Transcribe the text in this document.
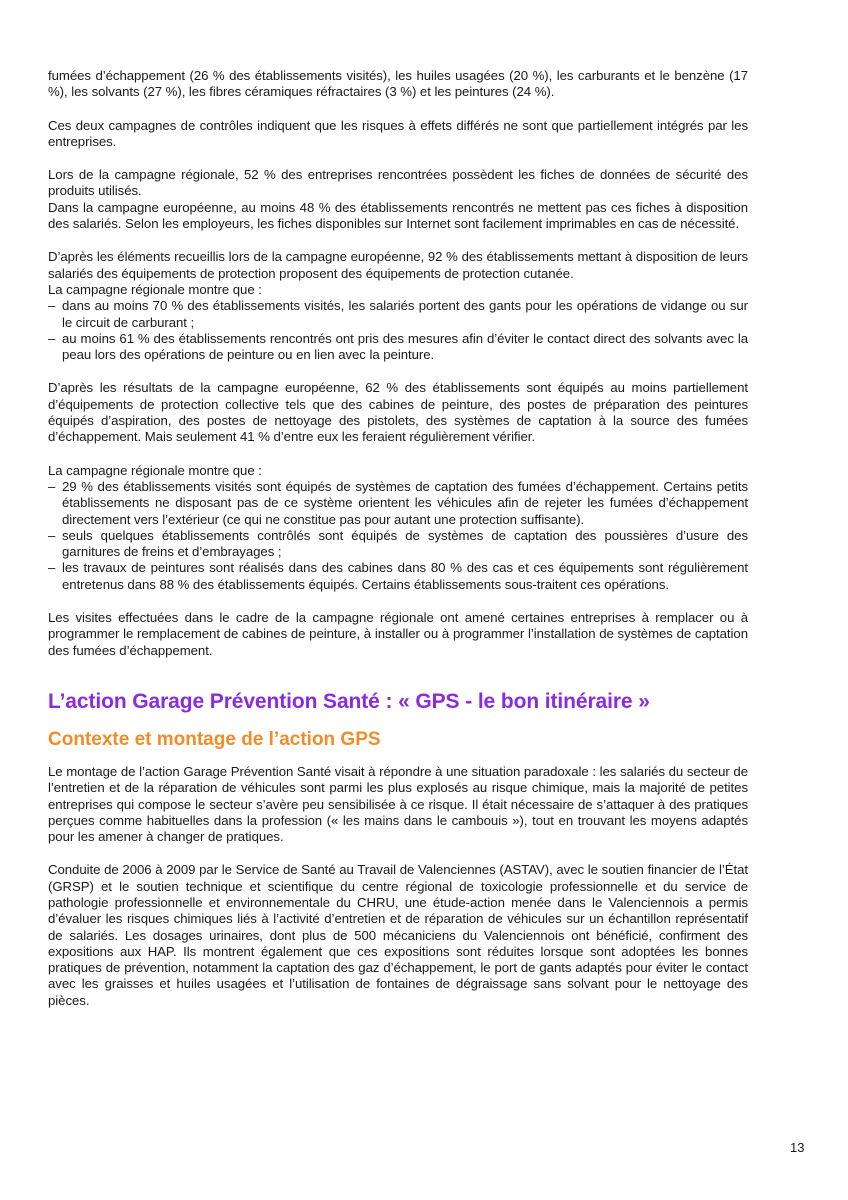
fumées d’échappement (26 % des établissements visités), les huiles usagées (20 %), les carburants et le benzène (17 %), les solvants (27 %), les fibres céramiques réfractaires (3 %) et les peintures (24 %).

Ces deux campagnes de contrôles indiquent que les risques à effets différés ne sont que partiellement intégrés par les entreprises.

Lors de la campagne régionale, 52 % des entreprises rencontrées possèdent les fiches de données de sécurité des produits utilisés.

Dans la campagne européenne, au moins 48 % des établissements rencontrés ne mettent pas ces fiches à disposition des salariés. Selon les employeurs, les fiches disponibles sur Internet sont facilement imprimables en cas de nécessité.

D’après les éléments recueillis lors de la campagne européenne, 92 % des établissements mettant à disposition de leurs salariés des équipements de protection proposent des équipements de protection cutanée.

La campagne régionale montre que :

– dans au moins 70 % des établissements visités, les salariés portent des gants pour les opérations de vidange ou sur le circuit de carburant ;
– au moins 61 % des établissements rencontrés ont pris des mesures afin d’éviter le contact direct des solvants avec la peau lors des opérations de peinture ou en lien avec la peinture.

D’après les résultats de la campagne européenne, 62 % des établissements sont équipés au moins partiellement d’équipements de protection collective tels que des cabines de peinture, des postes de préparation des peintures équipés d’aspiration, des postes de nettoyage des pistolets, des systèmes de captation à la source des fumées d’échappement. Mais seulement 41 % d’entre eux les feraient régulièrement vérifier.

La campagne régionale montre que :

– 29 % des établissements visités sont équipés de systèmes de captation des fumées d’échappement. Certains petits établissements ne disposant pas de ce système orientent les véhicules afin de rejeter les fumées d’échappement directement vers l’extérieur (ce qui ne constitue pas pour autant une protection suffisante).
– seuls quelques établissements contrôlés sont équipés de systèmes de captation des poussières d’usure des garnitures de freins et d’embrayages ;
– les travaux de peintures sont réalisés dans des cabines dans 80 % des cas et ces équipements sont régulièrement entretenus dans 88 % des établissements équipés. Certains établissements sous-traitent ces opérations.

Les visites effectuées dans le cadre de la campagne régionale ont amené certaines entreprises à remplacer ou à programmer le remplacement de cabines de peinture, à installer ou à programmer l’installation de systèmes de captation des fumées d’échappement.

L’action Garage Prévention Santé : « GPS - le bon itinéraire »
Contexte et montage de l’action GPS

Le montage de l’action Garage Prévention Santé visait à répondre à une situation paradoxale : les salariés du secteur de l’entretien et de la réparation de véhicules sont parmi les plus explosés au risque chimique, mais la majorité de petites entreprises qui compose le secteur s’avère peu sensibilisée à ce risque. Il était nécessaire de s’attaquer à des pratiques perçues comme habituelles dans la profession (« les mains dans le cambouis »), tout en trouvant les moyens adaptés pour les amener à changer de pratiques.

Conduite de 2006 à 2009 par le Service de Santé au Travail de Valenciennes (ASTAV), avec le soutien financier de l’État (GRSP) et le soutien technique et scientifique du centre régional de toxicologie professionnelle et du service de pathologie professionnelle et environnementale du CHRU, une étude-action menée dans le Valenciennois a permis d’évaluer les risques chimiques liés à l’activité d’entretien et de réparation de véhicules sur un échantillon représentatif de salariés. Les dosages urinaires, dont plus de 500 mécaniciens du Valenciennois ont bénéficié, confirment des expositions aux HAP. Ils montrent également que ces expositions sont réduites lorsque sont adoptées les bonnes pratiques de prévention, notamment la captation des gaz d’échappement, le port de gants adaptés pour éviter le contact avec les graisses et huiles usagées et l’utilisation de fontaines de dégraissage sans solvant pour le nettoyage des pièces.

13
